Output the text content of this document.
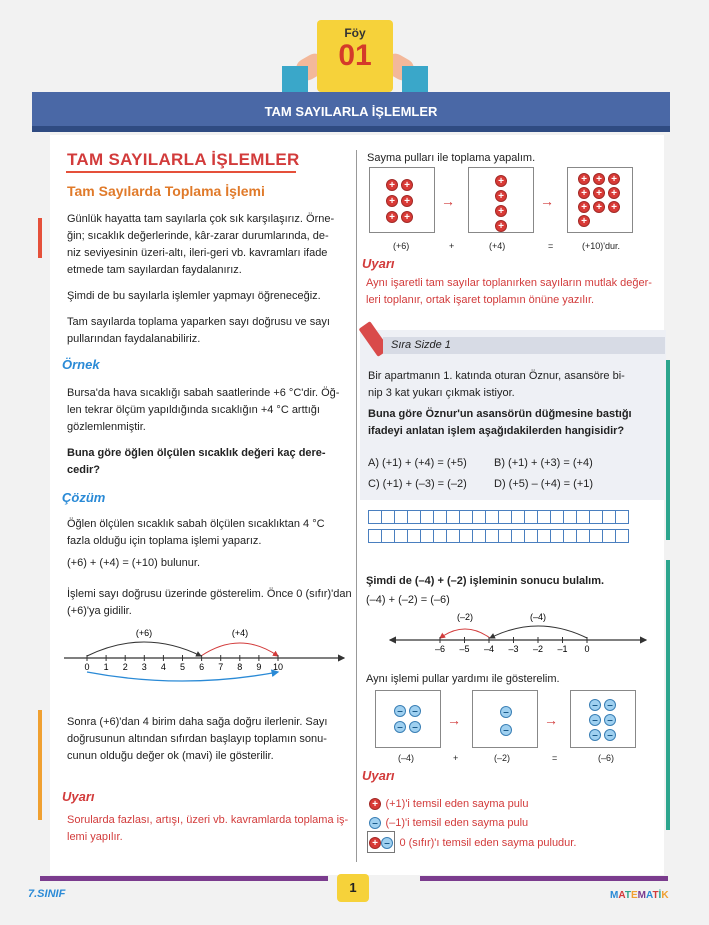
Föy
01
TAM SAYILARLA İŞLEMLER
TAM SAYILARLA İŞLEMLER
Tam Sayılarda Toplama İşlemi
Günlük hayatta tam sayılarla çok sık karşılaşırız. Örne-
ğin; sıcaklık değerlerinde, kâr-zarar durumlarında, de-
niz seviyesinin üzeri-altı, ileri-geri vb. kavramları ifade
etmede tam sayılardan faydalanırız.
Şimdi de bu sayılarla işlemler yapmayı öğreneceğiz.
Tam sayılarda toplama yaparken sayı doğrusu ve sayı
pullarından faydalanabiliriz.
Örnek
Bursa'da hava sıcaklığı sabah saatlerinde +6 °C'dir. Öğ-
len tekrar ölçüm yapıldığında sıcaklığın +4 °C arttığı
gözlemlenmiştir.
Buna göre öğlen ölçülen sıcaklık değeri kaç dere-
cedir?
Çözüm
Öğlen ölçülen sıcaklık sabah ölçülen sıcaklıktan 4 °C
fazla olduğu için toplama işlemi yaparız.
(+6) + (+4) = (+10) bulunur.
İşlemi sayı doğrusu üzerinde gösterelim. Önce 0 (sıfır)'dan
(+6)'ya gidilir.
0 1 2 3 4 5 6 7 8 9 10
(+6)	(+4)
Sonra (+6)'dan 4 birim daha sağa doğru ilerlenir. Sayı
doğrusunun altından sıfırdan başlayıp toplamın sonu-
cunun olduğu değer ok (mavi) ile gösterilir.
Uyarı
Sorularda fazlası, artışı, üzeri vb. kavramlarda toplama iş-
lemi yapılır.
Sayma pulları ile toplama yapalım.
+ +
+ +
+ +

→
+
+
+
+

→
+ + +
+ + +
+ + +
+
(+6)	+	(+4)	=	(+10)'dur.
Uyarı
Aynı işaretli tam sayılar toplanırken sayıların mutlak değer-
leri toplanır, ortak işaret toplamın önüne yazılır.
Sıra Sizde 1
Bir apartmanın 1. katında oturan Öznur, asansöre bi-
nip 3 kat yukarı çıkmak istiyor.
Buna göre Öznur'un asansörün düğmesine bastığı
ifadeyi anlatan işlem aşağıdakilerden hangisidir?
A) (+1) + (+4) = (+5) B) (+1) + (+3) = (+4)
C) (+1) + (–3) = (–2) D) (+5) – (+4) = (+1)
Şimdi de (–4) + (–2) işleminin sonucu bulalım.
(–4) + (–2) = (–6)
–6 –5 –4 –3 –2 –1 0
(–2)	(–4)
Aynı işlemi pullar yardımı ile gösterelim.
– –
– –	→	–
–

→
– –
– –
– –

(–4)	+	(–2)	=	(–6)
Uyarı
+ (+1)'i temsil eden sayma pulu
– (–1)'i temsil eden sayma pulu
+ – 0 (sıfır)'ı temsil eden sayma puludur.
1
7.SINIF	MATEMATİK
